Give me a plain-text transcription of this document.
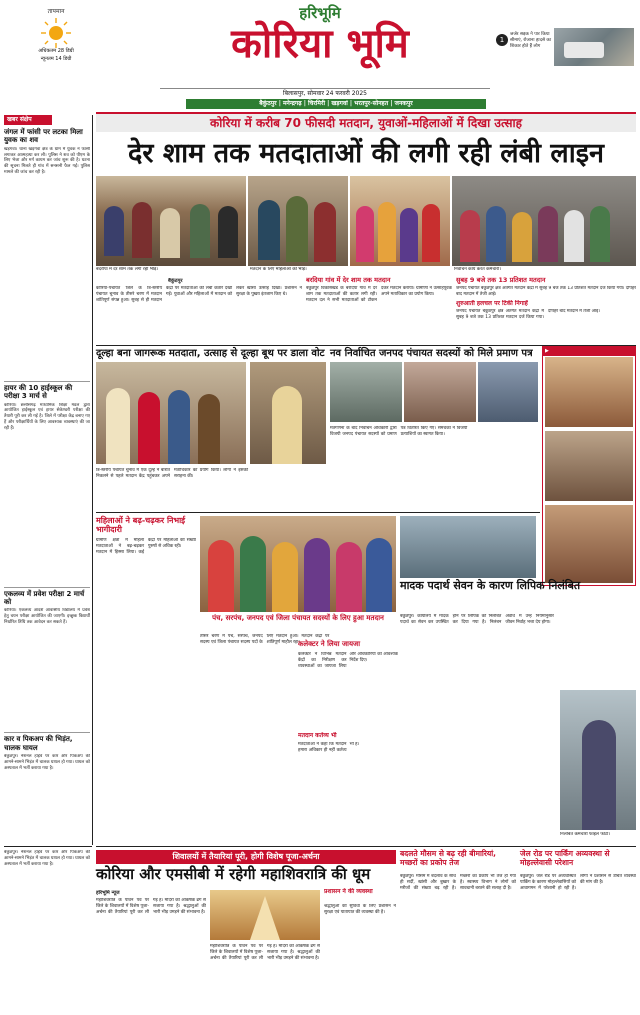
तापमान
अधिकतम 28 डिग्री
न्यूनतम 14 डिग्री
हरिभूमि
कोरिया भूमि	1
जर्जर सड़क ने पार किया सीमाएं, रोजाना हादसे का शिकार होते हैं लोग
बिलासपुर, सोमवार 24 फरवरी 2025
बैकुंठपुर | मनेन्द्रगढ़ | चिरमिरी | खड़गवां | भरतपुर-सोनहत | जनकपुर
खबर संक्षेप
जंगल में फांसी पर लटका मिला युवक का शव
खड़गवां। थाना खड़गवां क्षेत्र के ग्राम में युवक ने फांसी लगाकर आत्महत्या कर ली। पुलिस ने शव को पीएम के लिए भेजा और मर्ग कायम कर जांच शुरू की है। घटना की सूचना मिलते ही गांव में सनसनी फैल गई। पुलिस मामले की जांच कर रही है।
हायर की 10 हाईस्कूल की परीक्षा 3 मार्च से
कोरिया। छत्तीसगढ़ माध्यमिक शिक्षा मंडल द्वारा आयोजित हाईस्कूल एवं हायर सेकेण्डरी परीक्षा की तैयारी पूरी कर ली गई है। जिले में परीक्षा केंद्र बनाए गए हैं और परीक्षार्थियों के लिए आवश्यक व्यवस्थाएं की जा रही हैं।
एकलव्य में प्रवेश परीक्षा 2 मार्च को
कोरिया। एकलव्य आदर्श आवासीय विद्यालय में प्रवेश हेतु चयन परीक्षा आयोजित की जाएगी। इच्छुक विद्यार्थी निर्धारित तिथि तक आवेदन कर सकते हैं।
कार व पिकअप की भिड़ंत, चालक घायल
बैकुंठपुर। नेशनल हाईवे पर कार और पिकअप की आमने-सामने भिड़ंत में चालक घायल हो गया। घायल को अस्पताल में भर्ती कराया गया है।
कोरिया में करीब 70 फीसदी मतदान, युवाओं-महिलाओं में दिखा उत्साह
देर शाम तक मतदाताओं की लगी रही लंबी लाइन
बदरीपा में देर शाम तक लगी रही भीड़।	मतदान के लिए महिलाओं की भीड़।	निर्वाचन कार्य करते कर्मचारी।
बैकुंठपुर
कोरिया-पंचायत जिले के त्रि-स्तरीय पंचायत चुनाव के तीसरे चरण में मतदान शांतिपूर्ण संपन्न हुआ। सुबह से ही मतदान केंद्रों पर मतदाताओं की लंबी कतारें देखी गईं। युवाओं और महिलाओं में मतदान को लेकर खासा उत्साह दिखा। प्रशासन ने सुरक्षा के पुख्ता इंतजाम किए थे।
बरदिया गांव में देर शाम तक मतदान
बैकुंठपुर विकासखंड के बरदिया गांव में देर शाम तक मतदाताओं की कतार लगी रही। मतदान दल ने सभी मतदाताओं को टोकन देकर मतदान कराया। ग्रामीणों ने उत्साहपूर्वक अपने मताधिकार का प्रयोग किया।
सुबह 9 बजे तक 13 प्रतिशत मतदान
जनपद पंचायत बैकुंठपुर क्षेत्र अंतर्गत मतदान केंद्रों में सुबह 9 बजे तक 13 प्रतिशत मतदान दर्ज किया गया। दोपहर बाद मतदान में तेजी आई।
शुरुआती हलचल पर टिकी निगाहें
जनपद पंचायत बैकुंठपुर क्षेत्र अंतर्गत मतदान केंद्रों में सुबह 9 बजे तक 13 प्रतिशत मतदान दर्ज किया गया। दोपहर बाद मतदान में तेजी आई।
दूल्हा बना जागरूक मतदाता, उत्साह से दूल्हा बूथ पर डाला वोट
त्रि-स्तरीय पंचायत चुनाव में एक दूल्हे ने बारात निकलने से पहले मतदान केंद्र पहुंचकर अपने मताधिकार का प्रयोग किया। लोगों ने इसकी सराहना की।
नव निर्वाचित जनपद पंचायत सदस्यों को मिले प्रमाण पत्र
मतगणना के बाद निर्वाचन अधिकारी द्वारा विजयी जनपद पंचायत सदस्यों को प्रमाण पत्र वितरित किए गए। समर्थकों ने विजयी प्रत्याशियों का स्वागत किया।
▶
महिलाओं ने बढ़-चढ़कर निभाई भागीदारी
ग्रामीण क्षेत्रों में महिला मतदाताओं ने बढ़-चढ़कर मतदान में हिस्सा लिया। कई केंद्रों पर महिलाओं की संख्या पुरुषों से अधिक रही।
पंच, सरपंच, जनपद एवं जिला पंचायत सदस्यों के लिए हुआ मतदान
तीसरे चरण में पंच, सरपंच, जनपद सदस्य एवं जिला पंचायत सदस्य पदों के लिए मतदान हुआ। मतदान केंद्रों पर शांतिपूर्ण माहौल रहा।
मादक पदार्थ सेवन के कारण लिपिक निलंबित
बैकुंठपुर। कार्यालय में मादक पदार्थ का सेवन कर उपस्थित होने पर लिपिक को निलंबित कर दिया गया है। निलंबन अवधि में उन्हें नियमानुसार जीवन निर्वाह भत्ता देय होगा।
निलंबित कर्मचारी फाइल फोटो।
कलेक्टर ने लिया जायजा
कलेक्टर ने विभिन्न मतदान केंद्रों का निरीक्षण कर व्यवस्थाओं का जायजा लिया और अधिकारियों को आवश्यक निर्देश दिए।
मतदान कर्तव्य भी
मतदाताओं ने कहा कि मतदान हमारा अधिकार ही नहीं कर्तव्य भी है।
शिवालयों में तैयारियां पूरी, होगी विशेष पूजा-अर्चना
कोरिया और एमसीबी में रहेगी महाशिवरात्रि की धूम
हरिभूमि न्यूज
महाशिवरात्रि के पावन पर्व पर जिले के शिवालयों में विशेष पूजा-अर्चना की तैयारियां पूरी कर ली गई हैं। मंदिरों को आकर्षक ढंग से सजाया गया है। श्रद्धालुओं की भारी भीड़ उमड़ने की संभावना है।
महाशिवरात्रि के पावन पर्व पर जिले के शिवालयों में विशेष पूजा-अर्चना की तैयारियां पूरी कर ली गई हैं। मंदिरों को आकर्षक ढंग से सजाया गया है। श्रद्धालुओं की भारी भीड़ उमड़ने की संभावना है।
प्रशासन ने की व्यवस्था
श्रद्धालुओं की सुविधा के लिए प्रशासन ने सुरक्षा एवं यातायात की व्यवस्था की है।
बदलते मौसम से बढ़ रही बीमारियां, मच्छरों का प्रकोप तेज
बैकुंठपुर। मौसम में बदलाव के साथ ही सर्दी, खांसी और बुखार के मरीजों की संख्या बढ़ रही है। मच्छरों का प्रकोप भी तेज हो गया है। स्वास्थ्य विभाग ने लोगों को सावधानी बरतने की सलाह दी है।
जेल रोड पर पार्किंग अव्यवस्था से मोहल्लेवासी परेशान
बैकुंठपुर। जेल रोड पर अव्यवस्थित पार्किंग के कारण मोहल्लेवासियों को आवागमन में परेशानी हो रही है। लोगों ने प्रशासन से उचित व्यवस्था की मांग की है।
बैकुंठपुर। नेशनल हाईवे पर कार और पिकअप की आमने-सामने भिड़ंत में चालक घायल हो गया। घायल को अस्पताल में भर्ती कराया गया है।
